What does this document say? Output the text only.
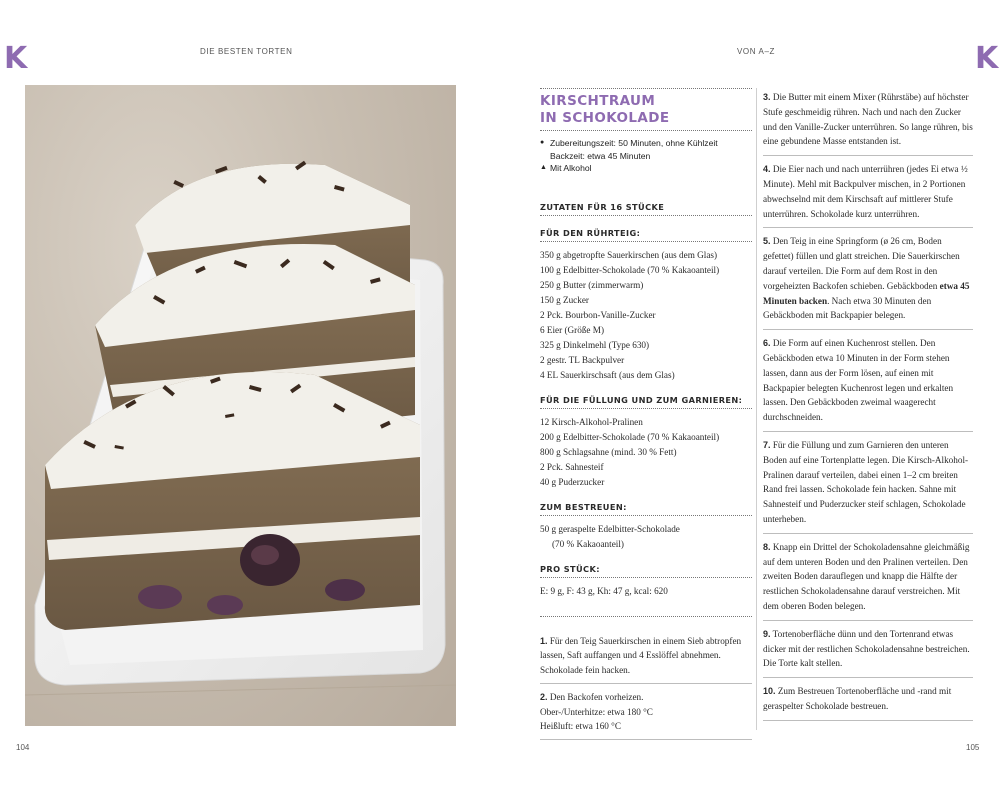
K	DIE BESTEN TORTEN	VON A–Z	K
104	105
KIRSCHTRAUM
IN SCHOKOLADE
● Zubereitungszeit: 50 Minuten, ohne Kühlzeit
Backzeit: etwa 45 Minuten
▲ Mit Alkohol
ZUTATEN FÜR 16 STÜCKE
FÜR DEN RÜHRTEIG:
350 g abgetropfte Sauerkirschen (aus dem Glas)
100 g Edelbitter-Schokolade (70 % Kakaoanteil)
250 g Butter (zimmerwarm)
150 g Zucker
2 Pck. Bourbon-Vanille-Zucker
6 Eier (Größe M)
325 g Dinkelmehl (Type 630)
2 gestr. TL Backpulver
4 EL Sauerkirschsaft (aus dem Glas)
FÜR DIE FÜLLUNG UND ZUM GARNIEREN:
12 Kirsch-Alkohol-Pralinen
200 g Edelbitter-Schokolade (70 % Kakaoanteil)
800 g Schlagsahne (mind. 30 % Fett)
2 Pck. Sahnesteif
40 g Puderzucker
ZUM BESTREUEN:
50 g geraspelte Edelbitter-Schokolade
(70 % Kakaoanteil)
PRO STÜCK:
E: 9 g, F: 43 g, Kh: 47 g, kcal: 620
1. Für den Teig Sauerkirschen in einem Sieb abtropfen lassen, Saft auffangen und 4 Esslöffel abnehmen. Schokolade fein hacken.
2. Den Backofen vorheizen.
Ober-/Unterhitze: etwa 180 °C
Heißluft: etwa 160 °C
3. Die Butter mit einem Mixer (Rührstäbe) auf höchster Stufe geschmeidig rühren. Nach und nach den Zucker und den Vanille-Zucker unterrühren. So lange rühren, bis eine gebundene Masse entstanden ist.
4. Die Eier nach und nach unterrühren (jedes Ei etwa ½ Minute). Mehl mit Backpulver mischen, in 2 Portionen abwechselnd mit dem Kirschsaft auf mittlerer Stufe unterrühren. Schokolade kurz unterrühren.
5. Den Teig in eine Springform (ø 26 cm, Boden gefettet) füllen und glatt streichen. Die Sauerkirschen darauf verteilen. Die Form auf dem Rost in den vorgeheizten Backofen schieben. Gebäckboden etwa 45 Minuten backen. Nach etwa 30 Minuten den Gebäckboden mit Backpapier belegen.
6. Die Form auf einen Kuchenrost stellen. Den Gebäckboden etwa 10 Minuten in der Form stehen lassen, dann aus der Form lösen, auf einen mit Backpapier belegten Kuchenrost legen und erkalten lassen. Den Gebäckboden zweimal waagerecht durchschneiden.
7. Für die Füllung und zum Garnieren den unteren Boden auf eine Tortenplatte legen. Die Kirsch-Alkohol-Pralinen darauf verteilen, dabei einen 1–2 cm breiten Rand frei lassen. Schokolade fein hacken. Sahne mit Sahnesteif und Puderzucker steif schlagen, Schokolade unterheben.
8. Knapp ein Drittel der Schokoladensahne gleichmäßig auf dem unteren Boden und den Pralinen verteilen. Den zweiten Boden darauflegen und knapp die Hälfte der restlichen Schokoladensahne darauf verstreichen. Mit dem oberen Boden belegen.
9. Tortenoberfläche dünn und den Tortenrand etwas dicker mit der restlichen Schokoladensahne bestreichen. Die Torte kalt stellen.
10. Zum Bestreuen Tortenoberfläche und -rand mit geraspelter Schokolade bestreuen.
